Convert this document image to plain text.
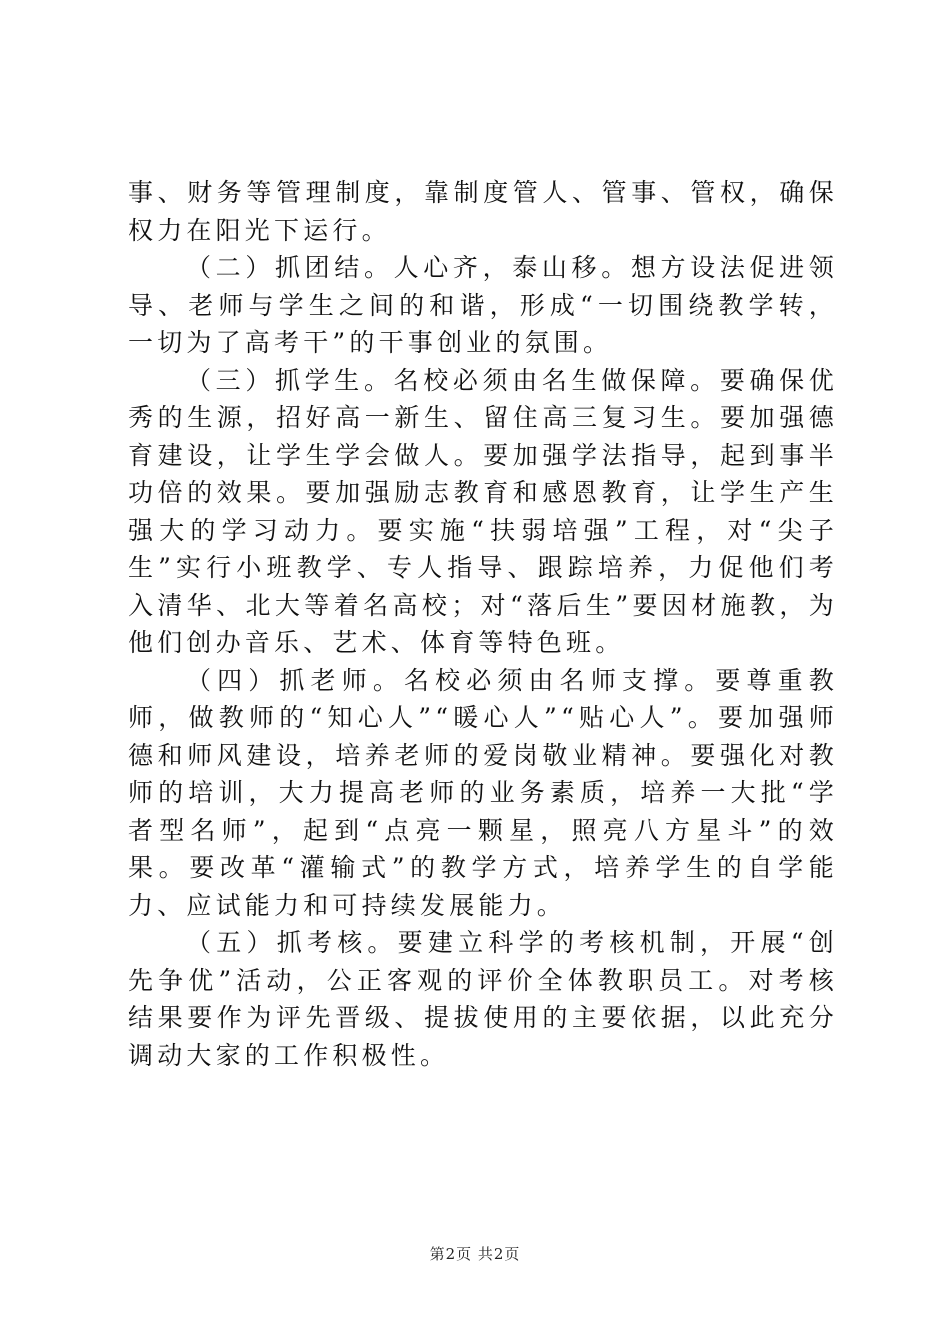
事、财务等管理制度，靠制度管人、管事、管权，确保权力在阳光下运行。

（二）抓团结。人心齐，泰山移。想方设法促进领导、老师与学生之间的和谐，形成“一切围绕教学转，一切为了高考干”的干事创业的氛围。

（三）抓学生。名校必须由名生做保障。要确保优秀的生源，招好高一新生、留住高三复习生。要加强德育建设，让学生学会做人。要加强学法指导，起到事半功倍的效果。要加强励志教育和感恩教育，让学生产生强大的学习动力。要实施“扶弱培强”工程，对“尖子生”实行小班教学、专人指导、跟踪培养，力促他们考入清华、北大等着名高校；对“落后生”要因材施教，为他们创办音乐、艺术、体育等特色班。

（四）抓老师。名校必须由名师支撑。要尊重教师，做教师的“知心人”“暖心人”“贴心人”。要加强师德和师风建设，培养老师的爱岗敬业精神。要强化对教师的培训，大力提高老师的业务素质，培养一大批“学者型名师”，起到“点亮一颗星，照亮八方星斗”的效果。要改革“灌输式”的教学方式，培养学生的自学能力、应试能力和可持续发展能力。

（五）抓考核。要建立科学的考核机制，开展“创先争优”活动，公正客观的评价全体教职员工。对考核结果要作为评先晋级、提拔使用的主要依据，以此充分调动大家的工作积极性。

第2页 共2页
